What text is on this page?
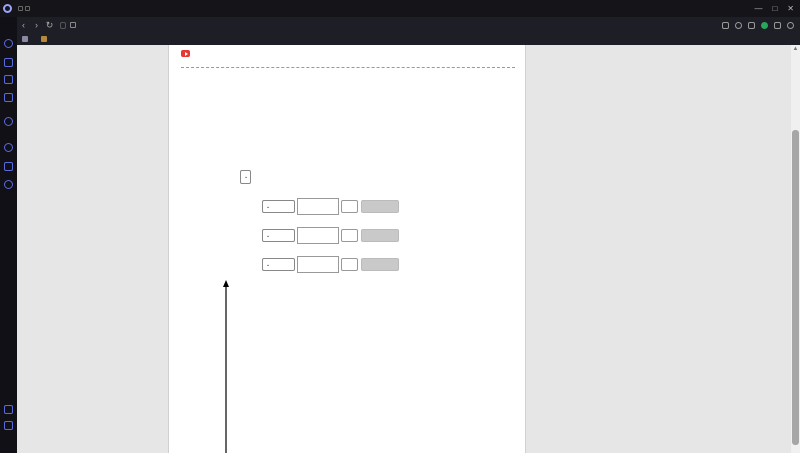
— □ ✕
‹	› ↻
⌄
⌄
⌄
⌄
▲
